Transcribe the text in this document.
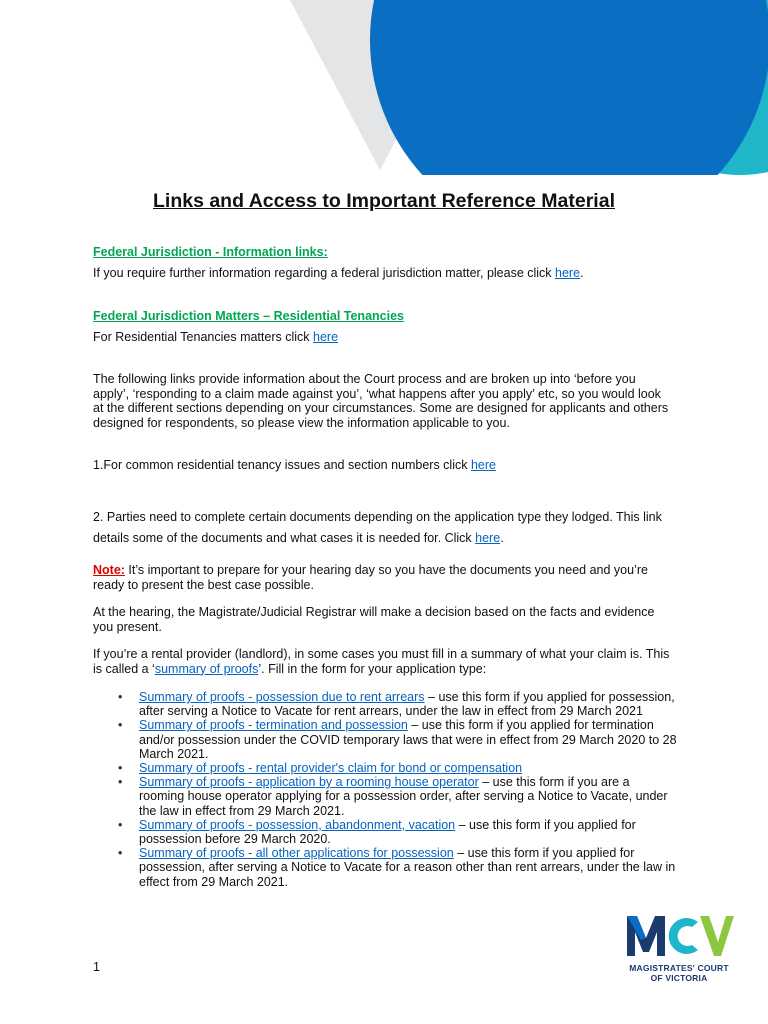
Links and Access to Important Reference Material
Federal Jurisdiction - Information links:
If you require further information regarding a federal jurisdiction matter, please click here.
Federal Jurisdiction Matters – Residential Tenancies
For Residential Tenancies matters click here
The following links provide information about the Court process and are broken up into ‘before you apply’, ‘responding to a claim made against you’, ‘what happens after you apply’ etc, so you would look at the different sections depending on your circumstances. Some are designed for applicants and others designed for respondents, so please view the information applicable to you.
1.For common residential tenancy issues and section numbers click here
2. Parties need to complete certain documents depending on the application type they lodged. This link details some of the documents and what cases it is needed for. Click here.
Note: It’s important to prepare for your hearing day so you have the documents you need and you’re ready to present the best case possible.
At the hearing, the Magistrate/Judicial Registrar will make a decision based on the facts and evidence you present.
If you’re a rental provider (landlord), in some cases you must fill in a summary of what your claim is. This is called a ‘summary of proofs’. Fill in the form for your application type:
• Summary of proofs - possession due to rent arrears – use this form if you applied for possession, after serving a Notice to Vacate for rent arrears, under the law in effect from 29 March 2021
• Summary of proofs - termination and possession – use this form if you applied for termination and/or possession under the COVID temporary laws that were in effect from 29 March 2020 to 28 March 2021.
• Summary of proofs - rental provider's claim for bond or compensation
• Summary of proofs - application by a rooming house operator – use this form if you are a rooming house operator applying for a possession order, after serving a Notice to Vacate, under the law in effect from 29 March 2021.
• Summary of proofs - possession, abandonment, vacation – use this form if you applied for possession before 29 March 2020.
• Summary of proofs - all other applications for possession – use this form if you applied for possession, after serving a Notice to Vacate for a reason other than rent arrears, under the law in effect from 29 March 2021.
1	MAGISTRATES' COURT
OF VICTORIA
